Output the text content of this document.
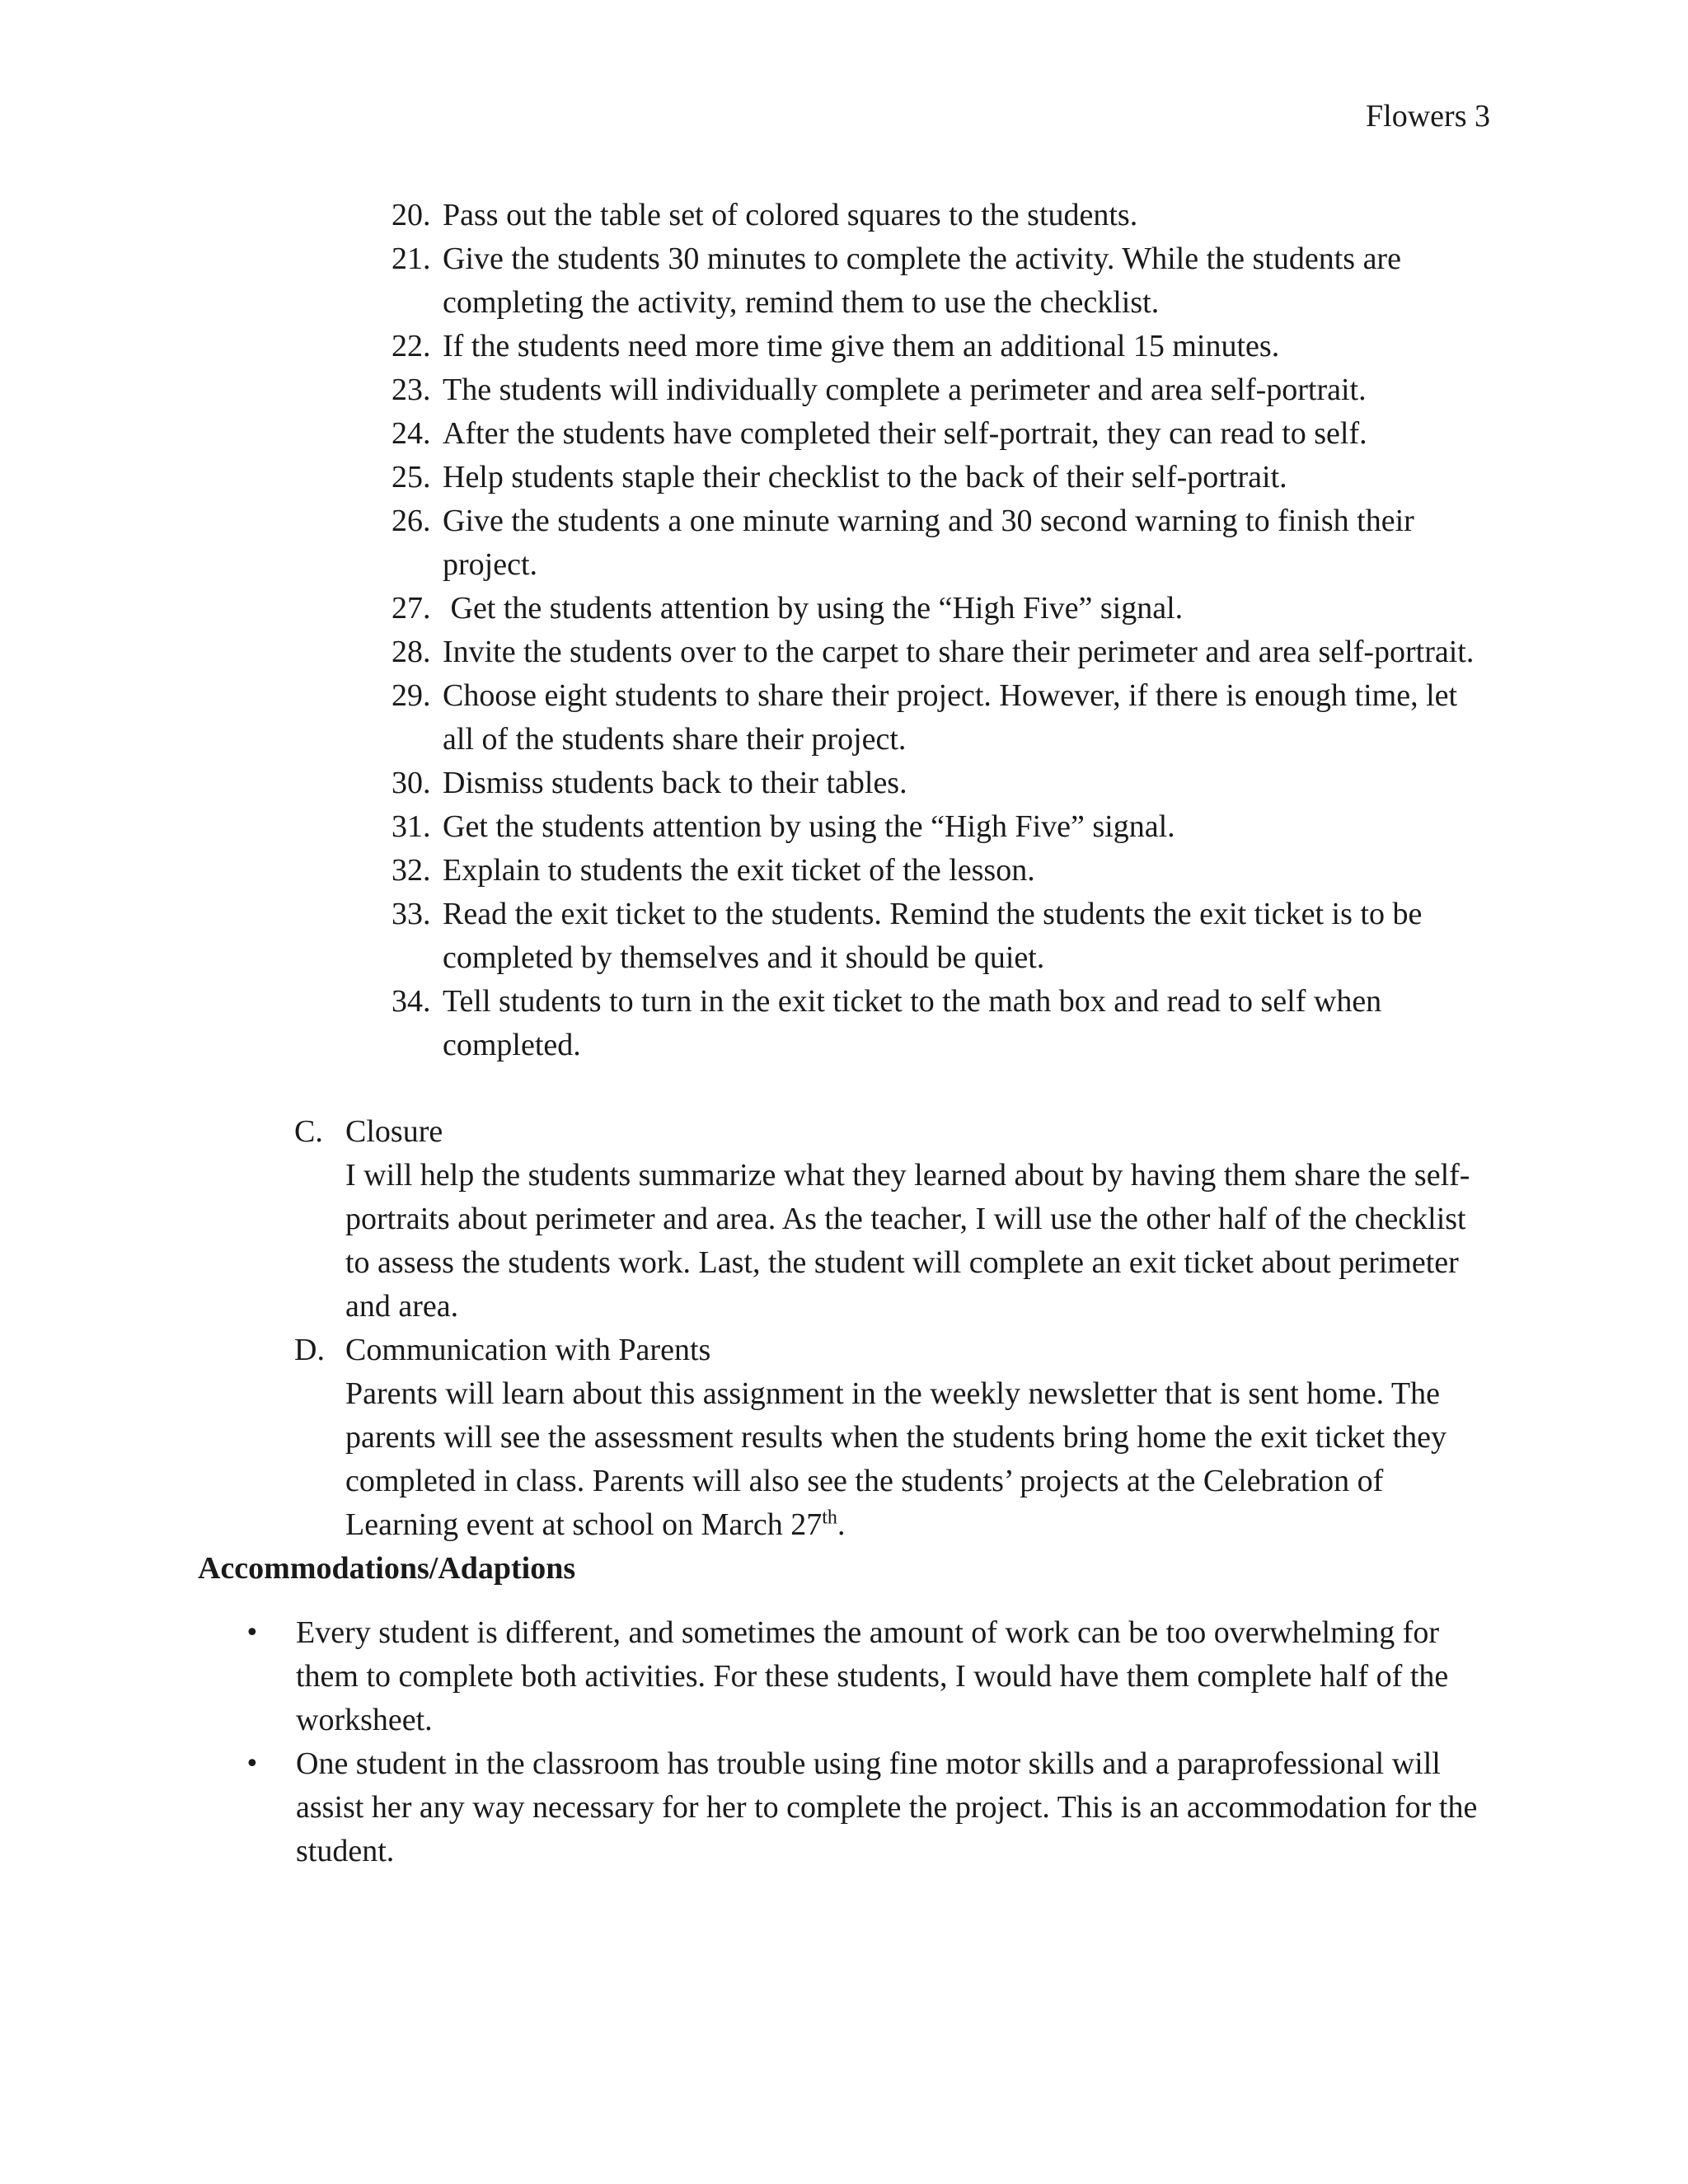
Flowers 3
20. Pass out the table set of colored squares to the students.
21. Give the students 30 minutes to complete the activity. While the students are completing the activity, remind them to use the checklist.
22. If the students need more time give them an additional 15 minutes.
23. The students will individually complete a perimeter and area self-portrait.
24. After the students have completed their self-portrait, they can read to self.
25. Help students staple their checklist to the back of their self-portrait.
26. Give the students a one minute warning and 30 second warning to finish their project.
27. Get the students attention by using the “High Five” signal.
28. Invite the students over to the carpet to share their perimeter and area self-portrait.
29. Choose eight students to share their project. However, if there is enough time, let all of the students share their project.
30. Dismiss students back to their tables.
31. Get the students attention by using the “High Five” signal.
32. Explain to students the exit ticket of the lesson.
33. Read the exit ticket to the students. Remind the students the exit ticket is to be completed by themselves and it should be quiet.
34. Tell students to turn in the exit ticket to the math box and read to self when completed.
C. Closure
I will help the students summarize what they learned about by having them share the self-portraits about perimeter and area. As the teacher, I will use the other half of the checklist to assess the students work. Last, the student will complete an exit ticket about perimeter and area.
D. Communication with Parents
Parents will learn about this assignment in the weekly newsletter that is sent home. The parents will see the assessment results when the students bring home the exit ticket they completed in class. Parents will also see the students’ projects at the Celebration of Learning event at school on March 27th.
Accommodations/Adaptions
• Every student is different, and sometimes the amount of work can be too overwhelming for them to complete both activities. For these students, I would have them complete half of the worksheet.
• One student in the classroom has trouble using fine motor skills and a paraprofessional will assist her any way necessary for her to complete the project. This is an accommodation for the student.
